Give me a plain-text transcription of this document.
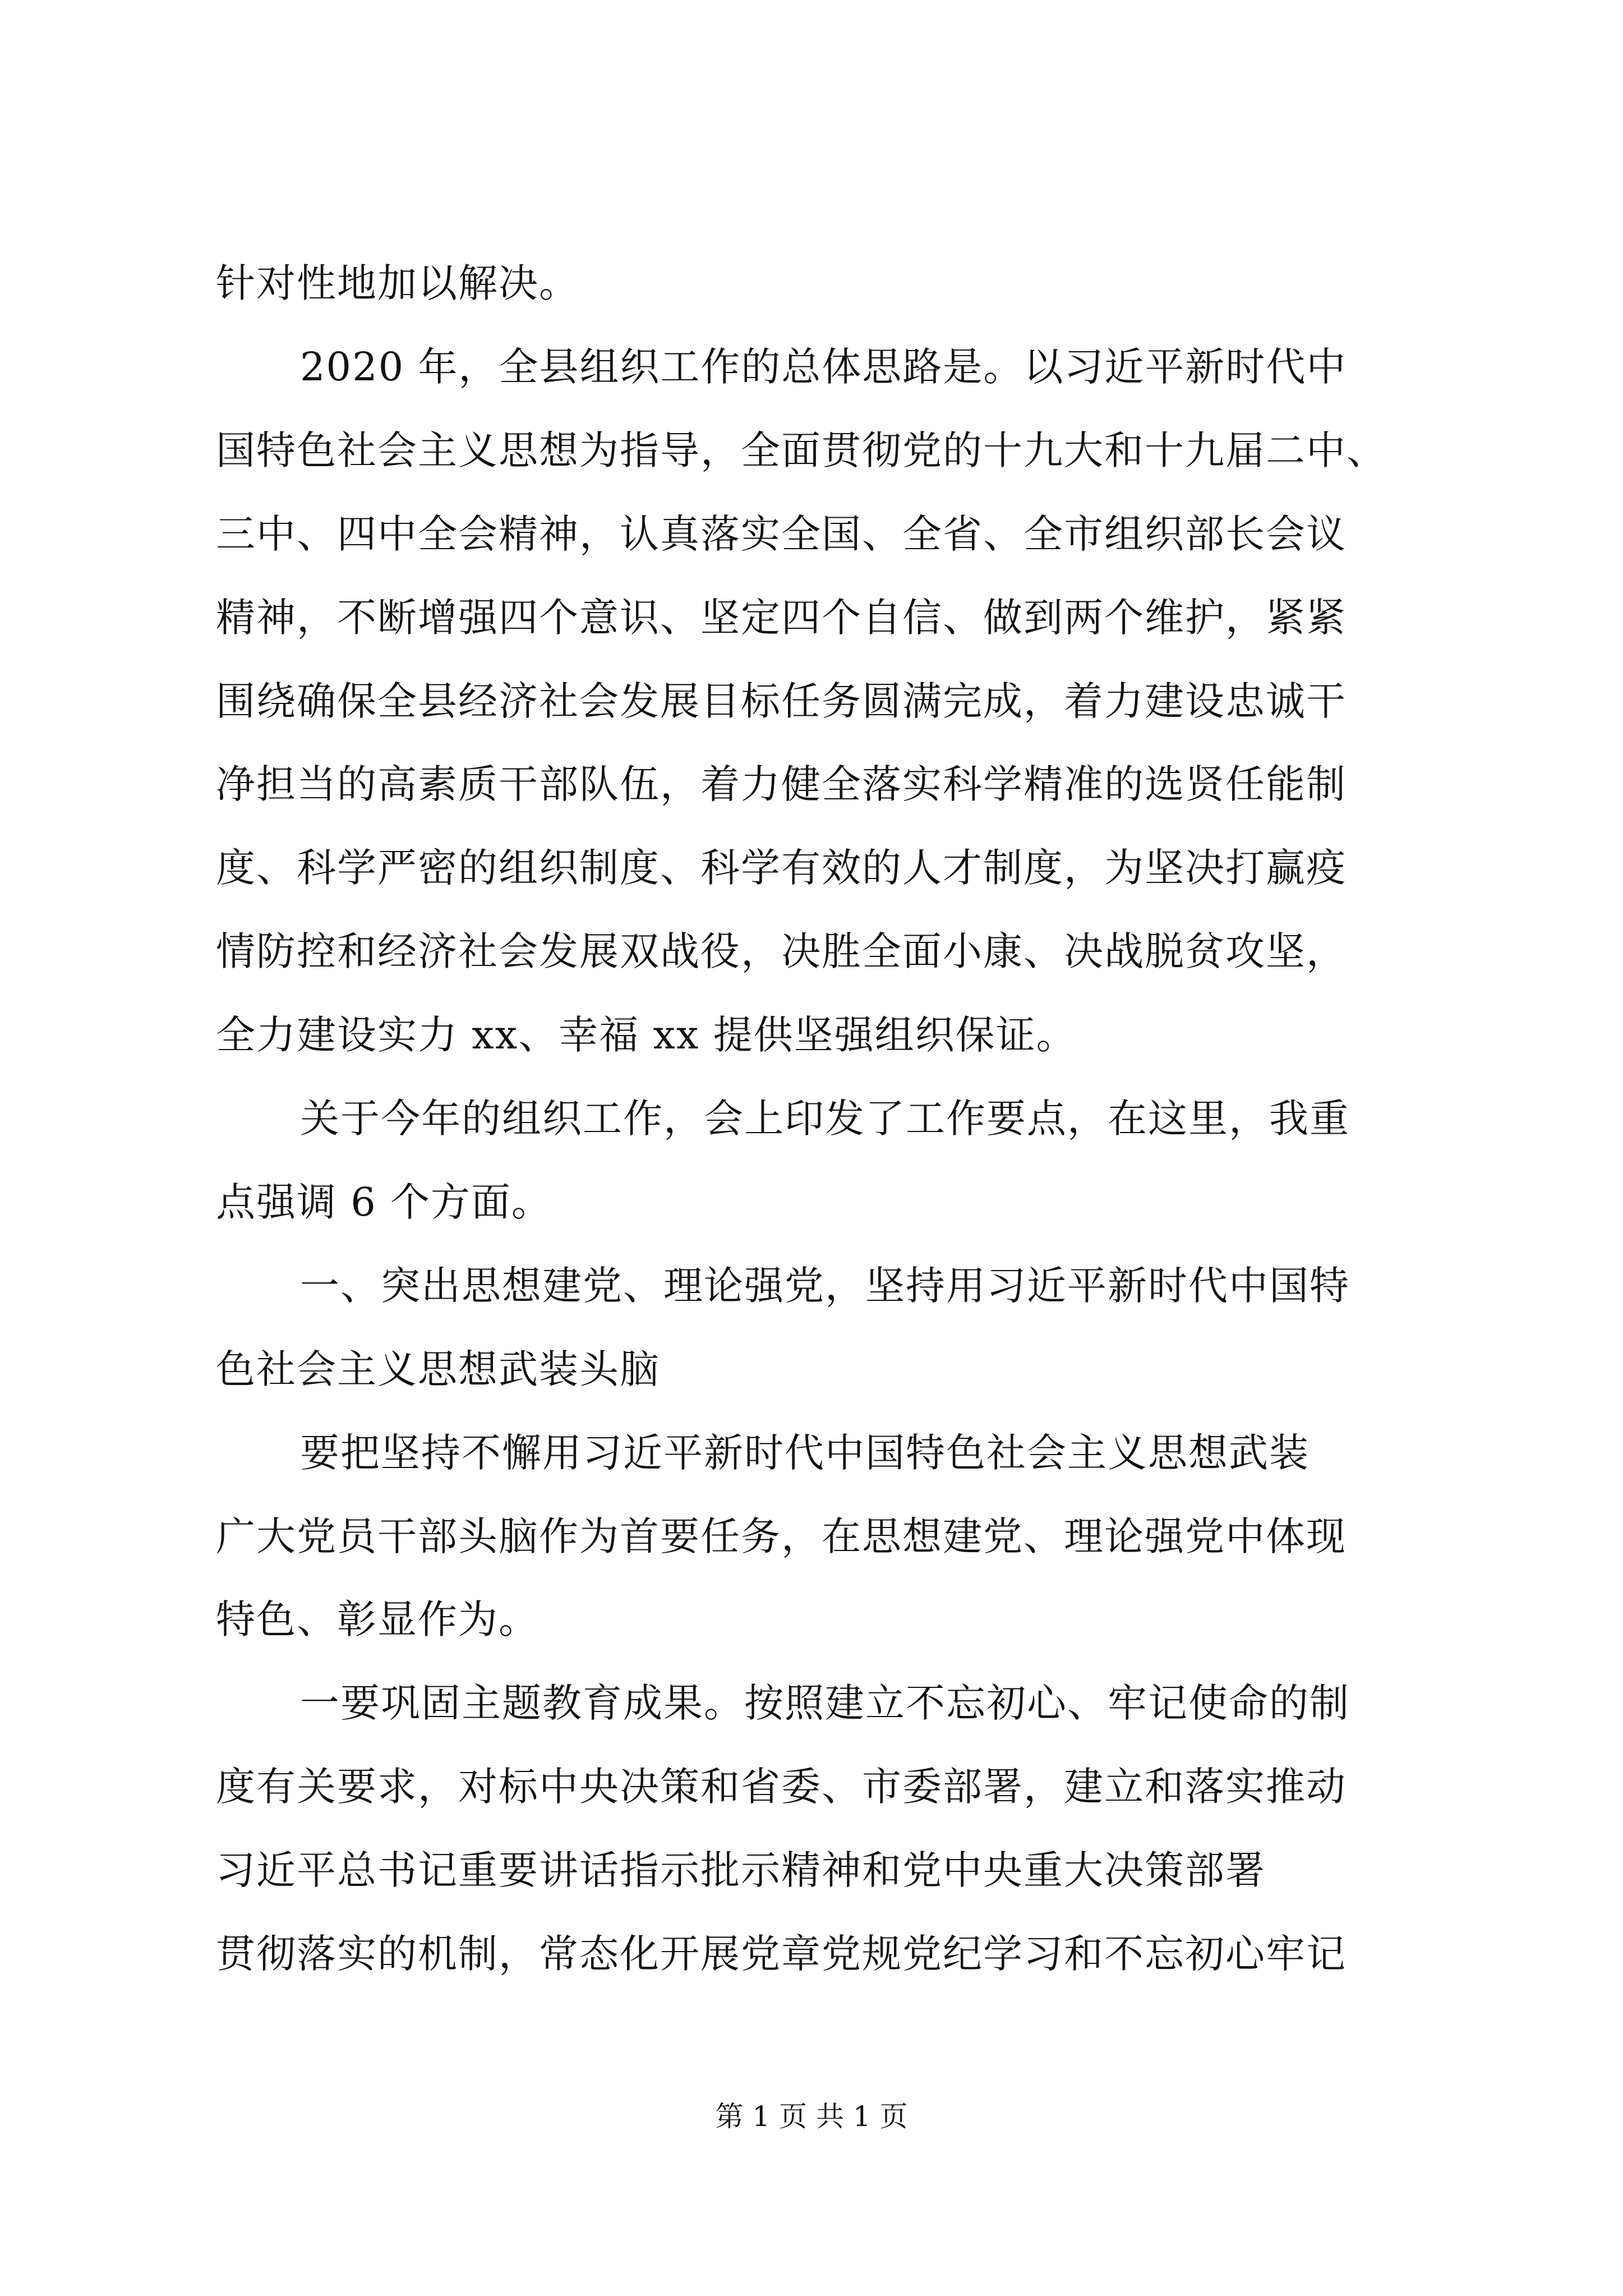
针对性地加以解决。
2020 年，全县组织工作的总体思路是。以习近平新时代中
国特色社会主义思想为指导，全面贯彻党的十九大和十九届二中、
三中、四中全会精神，认真落实全国、全省、全市组织部长会议
精神，不断增强四个意识、坚定四个自信、做到两个维护，紧紧
围绕确保全县经济社会发展目标任务圆满完成，着力建设忠诚干
净担当的高素质干部队伍，着力健全落实科学精准的选贤任能制
度、科学严密的组织制度、科学有效的人才制度，为坚决打赢疫
情防控和经济社会发展双战役，决胜全面小康、决战脱贫攻坚，
全力建设实力 xx、幸福 xx 提供坚强组织保证。
关于今年的组织工作，会上印发了工作要点，在这里，我重
点强调 6 个方面。
一、突出思想建党、理论强党，坚持用习近平新时代中国特
色社会主义思想武装头脑
要把坚持不懈用习近平新时代中国特色社会主义思想武装
广大党员干部头脑作为首要任务，在思想建党、理论强党中体现
特色、彰显作为。
一要巩固主题教育成果。按照建立不忘初心、牢记使命的制
度有关要求，对标中央决策和省委、市委部署，建立和落实推动
习近平总书记重要讲话指示批示精神和党中央重大决策部署
贯彻落实的机制，常态化开展党章党规党纪学习和不忘初心牢记
第 1 页 共 1 页
